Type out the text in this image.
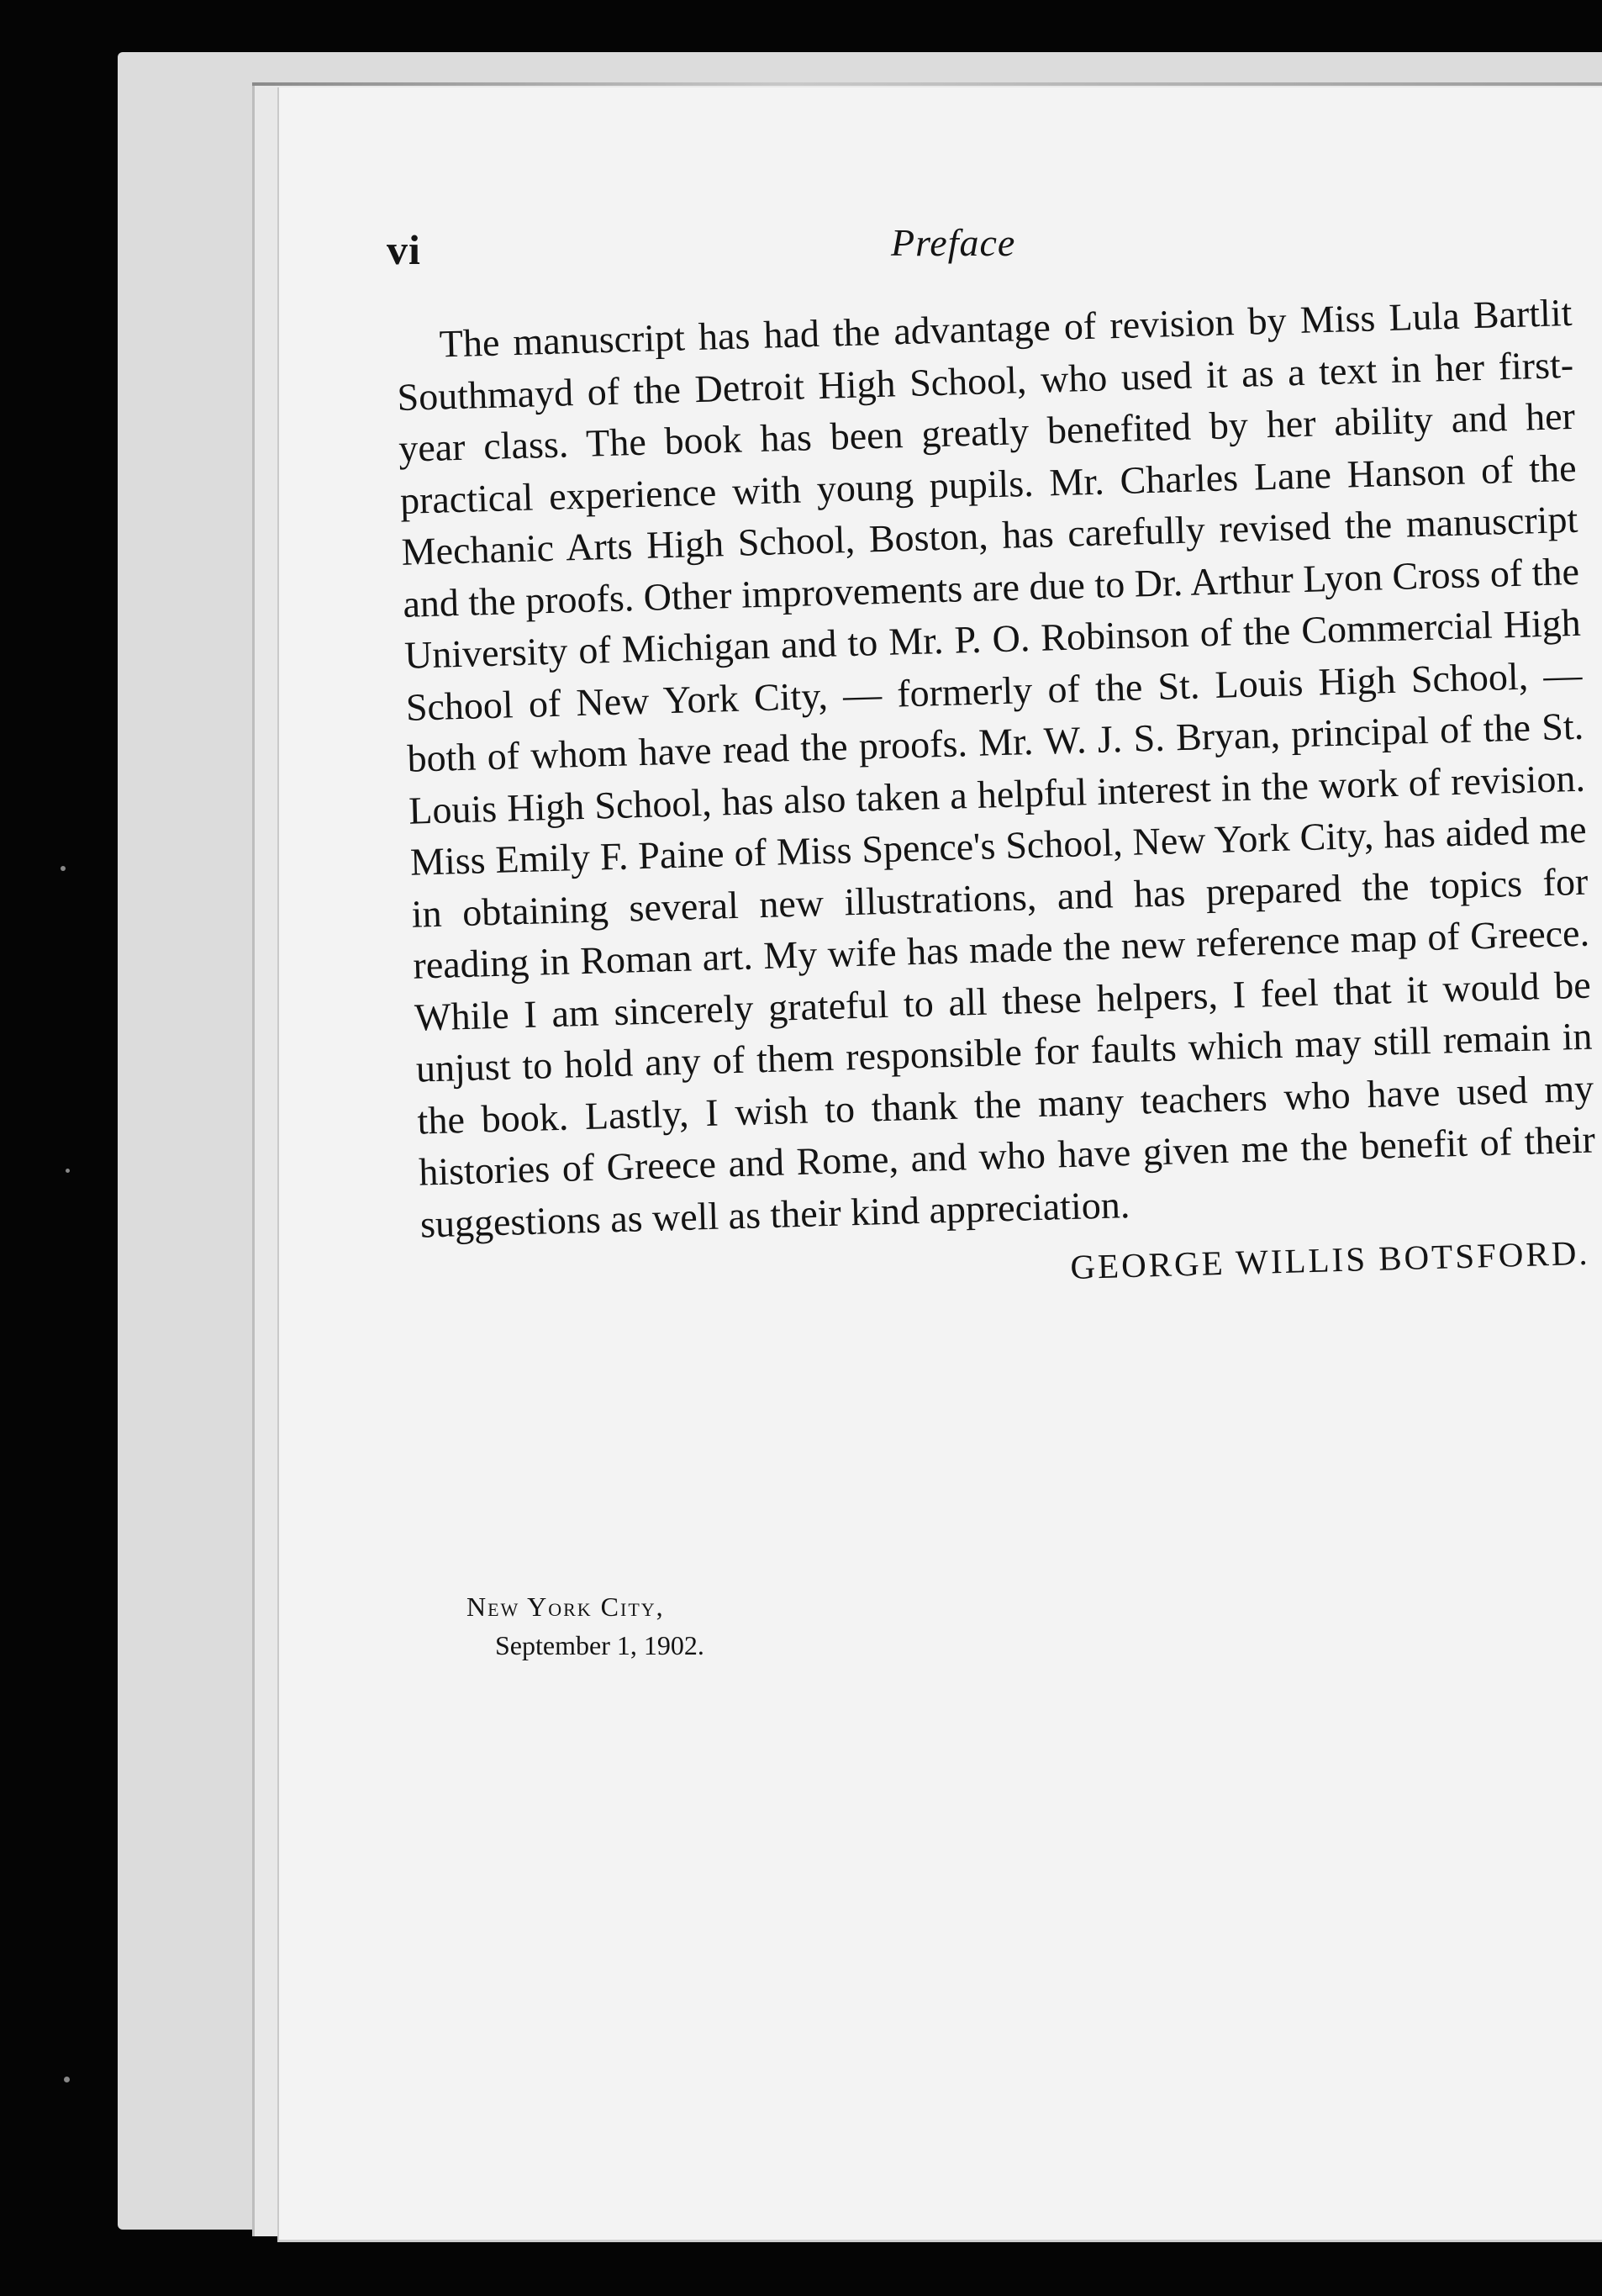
vi	Preface

The manuscript has had the advantage of revision by Miss Lula Bartlit Southmayd of the Detroit High School, who used it as a text in her first-year class. The book has been greatly benefited by her ability and her practical experience with young pupils. Mr. Charles Lane Hanson of the Mechanic Arts High School, Boston, has carefully revised the manuscript and the proofs. Other improvements are due to Dr. Arthur Lyon Cross of the University of Michigan and to Mr. P. O. Robinson of the Commercial High School of New York City, — formerly of the St. Louis High School, — both of whom have read the proofs. Mr. W. J. S. Bryan, principal of the St. Louis High School, has also taken a helpful interest in the work of revision. Miss Emily F. Paine of Miss Spence's School, New York City, has aided me in obtaining several new illustrations, and has prepared the topics for reading in Roman art. My wife has made the new reference map of Greece. While I am sincerely grateful to all these helpers, I feel that it would be unjust to hold any of them responsible for faults which may still remain in the book. Lastly, I wish to thank the many teachers who have used my histories of Greece and Rome, and who have given me the benefit of their suggestions as well as their kind appreciation.

GEORGE WILLIS BOTSFORD.

New York City,
September 1, 1902.
